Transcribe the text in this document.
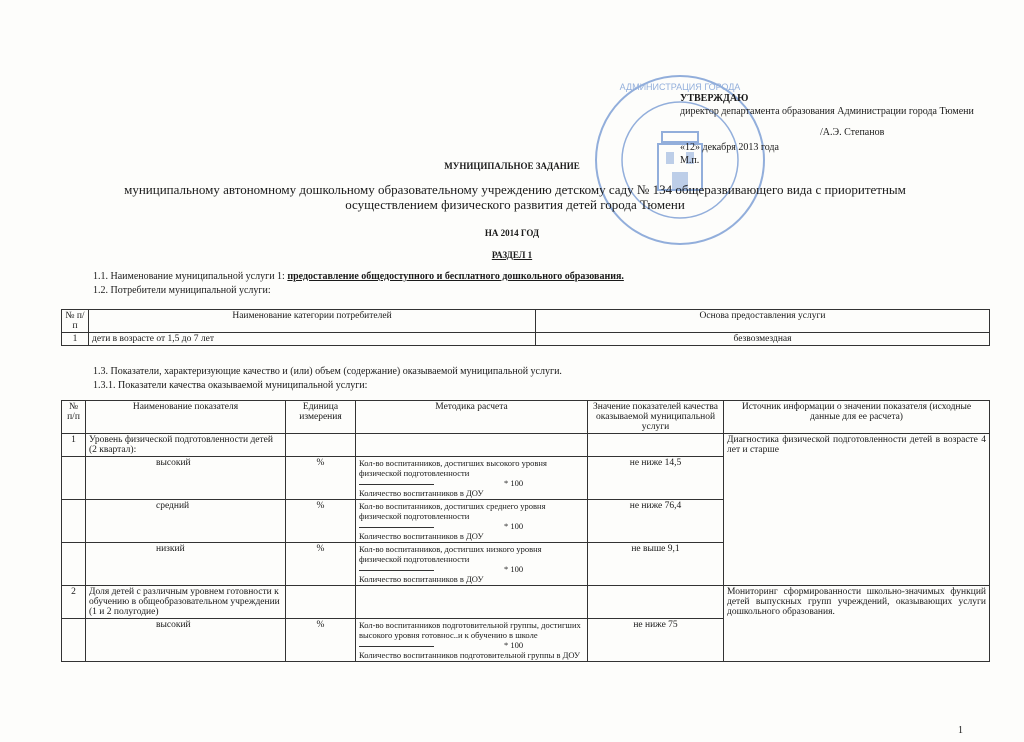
АДМИНИСТРАЦИЯ ГОРОДА
УТВЕРЖДАЮ
директор департамента образования Администрации города Тюмени
/А.Э. Степанов
«12» декабря 2013 года
М.п.
МУНИЦИПАЛЬНОЕ ЗАДАНИЕ
муниципальному автономному дошкольному образовательному учреждению детскому саду № 134 общеразвивающего вида с приоритетным осуществлением физического развития детей города Тюмени
НА 2014 ГОД
РАЗДЕЛ 1
1.1. Наименование муниципальной услуги 1: предоставление общедоступного и бесплатного дошкольного образования.
1.2. Потребители муниципальной услуги:
№ п/п	Наименование категории потребителей	Основа предоставления услуги
1	дети в возрасте от 1,5 до 7 лет	безвозмездная
1.3. Показатели, характеризующие качество и (или) объем (содержание) оказываемой муниципальной услуги.
1.3.1. Показатели качества оказываемой муниципальной услуги:
№ п/п	Наименование показателя	Единица измерения	Методика расчета	Значение показателей качества оказываемой муниципальной услуги	Источник информации о значении показателя (исходные данные для ее расчета)
1	Уровень физической подготовленности детей (2 квартал):				Диагностика физической подготовленности детей в возрасте 4 лет и старше
	высокий	%	Кол-во воспитанников, достигших высокого уровня физической подготовленности
* 100
Количество воспитанников в ДОУ	не ниже 14,5	
	средний	%	Кол-во воспитанников, достигших среднего уровня физической подготовленности
* 100
Количество воспитанников в ДОУ	не ниже 76,4	
	низкий	%	Кол-во воспитанников, достигших низкого уровня физической подготовленности
* 100
Количество воспитанников в ДОУ	не выше 9,1	
2	Доля детей с различным уровнем готовности к обучению в общеобразовательном учреждении (1 и 2 полугодие)				Мониторинг сформированности школьно-значимых функций детей выпускных групп учреждений, оказывающих услуги дошкольного образования.
	высокий	%	Кол-во воспитанников подготовительной группы, достигших высокого уровня готовнос..и к обучению в школе
* 100
Количество воспитанников подготовительной группы в ДОУ	не ниже 75	
1
